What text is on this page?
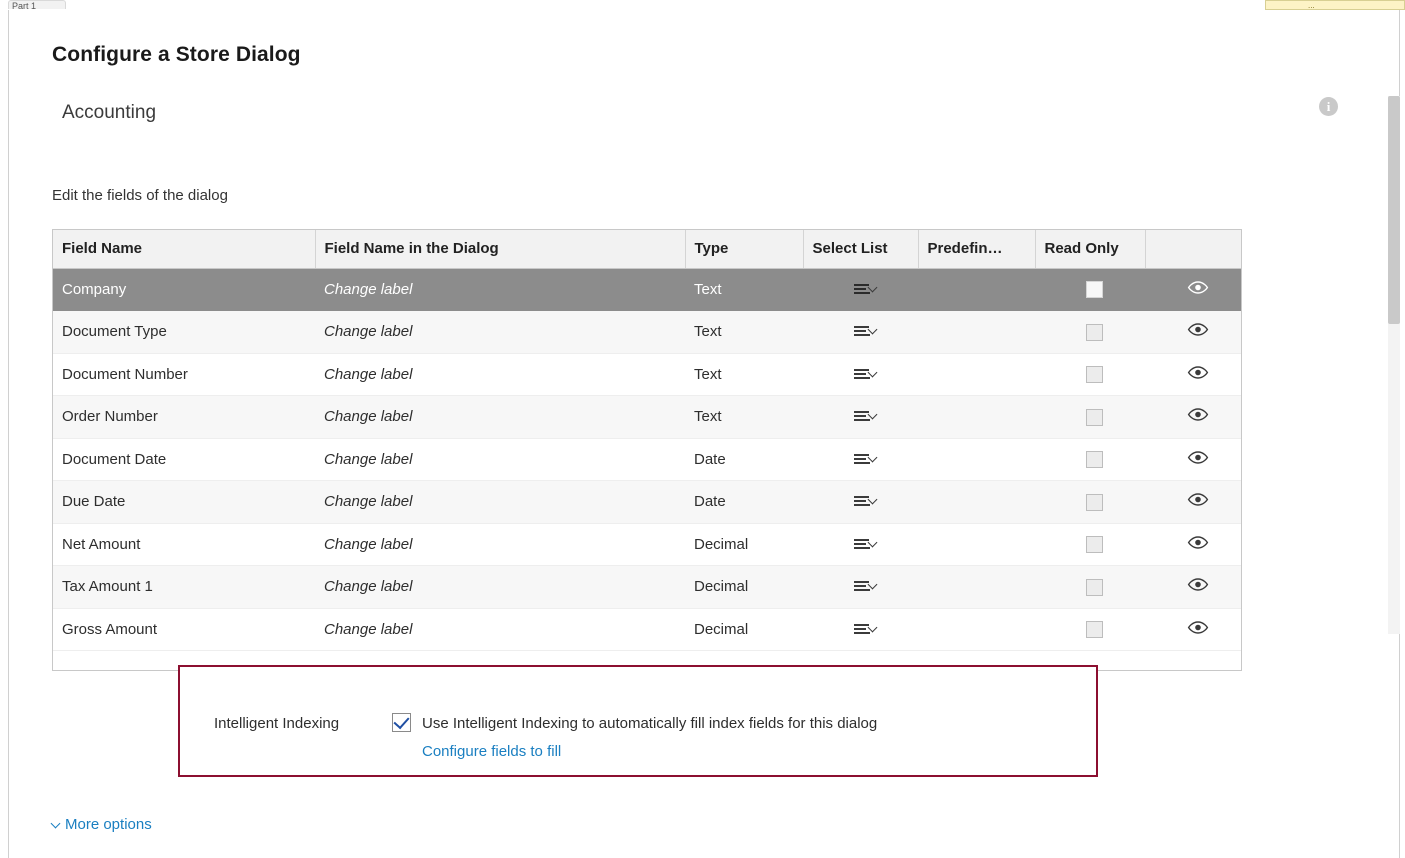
Part 1	...
Configure a Store Dialog
Accounting	i
Edit the fields of the dialog
Field Name	Field Name in the Dialog	Type	Select List	Predefin…	Read Only	
Company	Change label	Text	

Document Type	Change label	Text	

Document Number	Change label	Text	

Order Number	Change label	Text	

Document Date	Change label	Date	

Due Date	Change label	Date	

Net Amount	Change label	Decimal	

Tax Amount 1	Change label	Decimal	

Gross Amount	Change label	Decimal	

Intelligent Indexing	Use Intelligent Indexing to automatically fill index fields for this dialog
Configure fields to fill
More options
